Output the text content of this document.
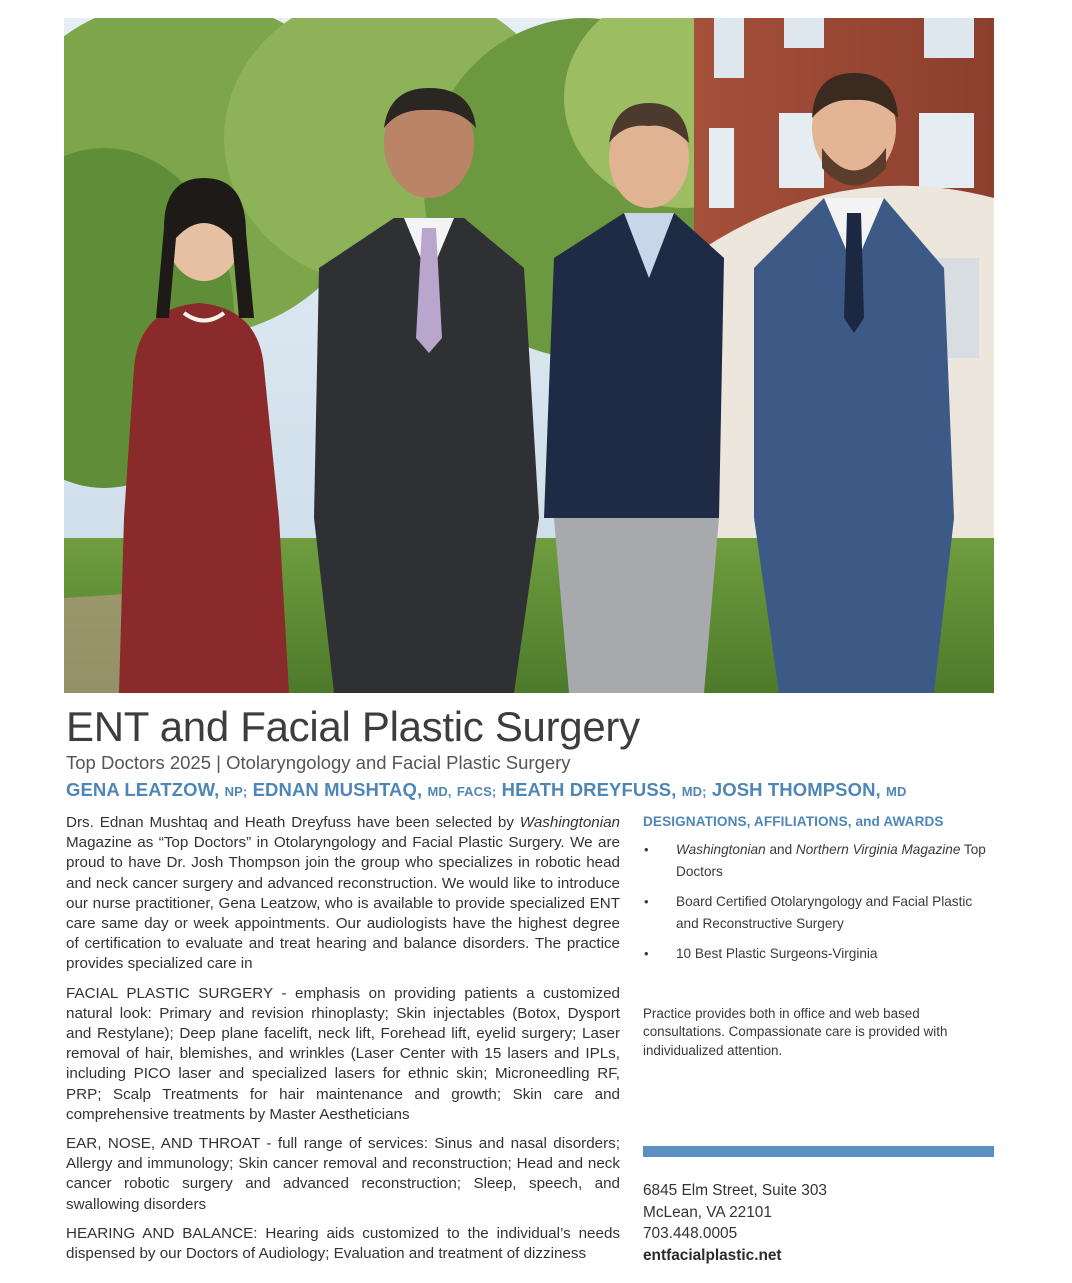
ENT and Facial Plastic Surgery
Top Doctors 2025 | Otolaryngology and Facial Plastic Surgery
GENA LEATZOW, NP; EDNAN MUSHTAQ, MD, FACS; HEATH DREYFUSS, MD; JOSH THOMPSON, MD

Drs. Ednan Mushtaq and Heath Dreyfuss have been selected by Washingtonian Magazine as “Top Doctors” in Otolaryngology and Facial Plastic Surgery. We are proud to have Dr. Josh Thompson join the group who specializes in robotic head and neck cancer surgery and advanced reconstruction. We would like to introduce our nurse practitioner, Gena Leatzow, who is available to provide specialized ENT care same day or week appointments. Our audiologists have the highest degree of certification to evaluate and treat hearing and balance disorders. The practice provides specialized care in

FACIAL PLASTIC SURGERY - emphasis on providing patients a customized natural look: Primary and revision rhinoplasty; Skin injectables (Botox, Dysport and Restylane); Deep plane facelift, neck lift, Forehead lift, eyelid surgery; Laser removal of hair, blemishes, and wrinkles (Laser Center with 15 lasers and IPLs, including PICO laser and specialized lasers for ethnic skin; Microneedling RF, PRP; Scalp Treatments for hair maintenance and growth; Skin care and comprehensive treatments by Master Aestheticians

EAR, NOSE, AND THROAT - full range of services: Sinus and nasal disorders; Allergy and immunology; Skin cancer removal and reconstruction; Head and neck cancer robotic surgery and advanced reconstruction; Sleep, speech, and swallowing disorders

HEARING AND BALANCE: Hearing aids customized to the individual’s needs dispensed by our Doctors of Audiology; Evaluation and treatment of dizziness

DESIGNATIONS, AFFILIATIONS, and AWARDS
• Washingtonian and Northern Virginia Magazine Top Doctors
• Board Certified Otolaryngology and Facial Plastic and Reconstructive Surgery
• 10 Best Plastic Surgeons-Virginia

Practice provides both in office and web based consultations. Compassionate care is provided with individualized attention.

6845 Elm Street, Suite 303
McLean, VA 22101
703.448.0005
entfacialplastic.net
